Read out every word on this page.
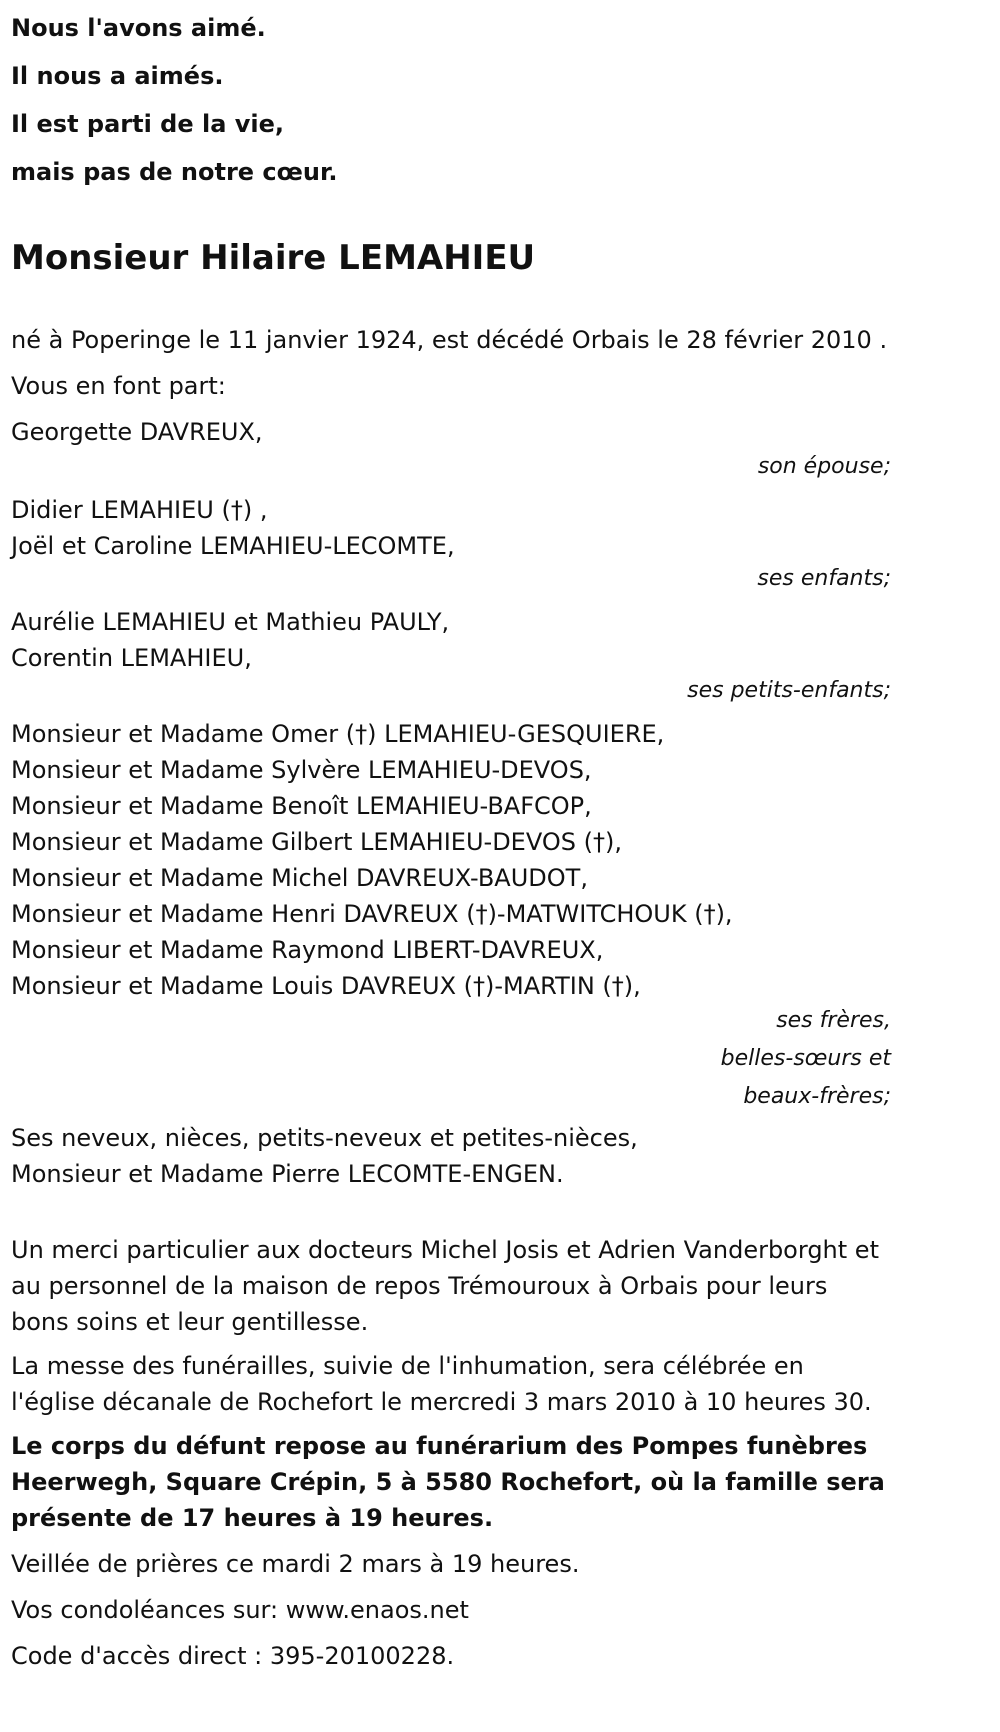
Nous l'avons aimé.

Il nous a aimés.

Il est parti de la vie,

mais pas de notre cœur.

Monsieur Hilaire LEMAHIEU

né à Poperinge le 11 janvier 1924, est décédé Orbais le 28 février 2010 .

Vous en font part:

Georgette DAVREUX,

son épouse;

Didier LEMAHIEU (†) ,

Joël et Caroline LEMAHIEU-LECOMTE,

ses enfants;

Aurélie LEMAHIEU et Mathieu PAULY,

Corentin LEMAHIEU,

ses petits-enfants;

Monsieur et Madame Omer (†) LEMAHIEU-GESQUIERE,

Monsieur et Madame Sylvère LEMAHIEU-DEVOS,

Monsieur et Madame Benoît LEMAHIEU-BAFCOP,

Monsieur et Madame Gilbert LEMAHIEU-DEVOS (†),

Monsieur et Madame Michel DAVREUX-BAUDOT,

Monsieur et Madame Henri DAVREUX (†)-MATWITCHOUK (†),

Monsieur et Madame Raymond LIBERT-DAVREUX,

Monsieur et Madame Louis DAVREUX (†)-MARTIN (†),

ses frères,

belles-sœurs et

beaux-frères;

Ses neveux, nièces, petits-neveux et petites-nièces,

Monsieur et Madame Pierre LECOMTE-ENGEN.

Un merci particulier aux docteurs Michel Josis et Adrien Vanderborght et au personnel de la maison de repos Trémouroux à Orbais pour leurs bons soins et leur gentillesse.

La messe des funérailles, suivie de l'inhumation, sera célébrée en l'église décanale de Rochefort le mercredi 3 mars 2010 à 10 heures 30.

Le corps du défunt repose au funérarium des Pompes funèbres Heerwegh, Square Crépin, 5 à 5580 Rochefort, où la famille sera présente de 17 heures à 19 heures.

Veillée de prières ce mardi 2 mars à 19 heures.

Vos condoléances sur: www.enaos.net

Code d'accès direct : 395-20100228.
